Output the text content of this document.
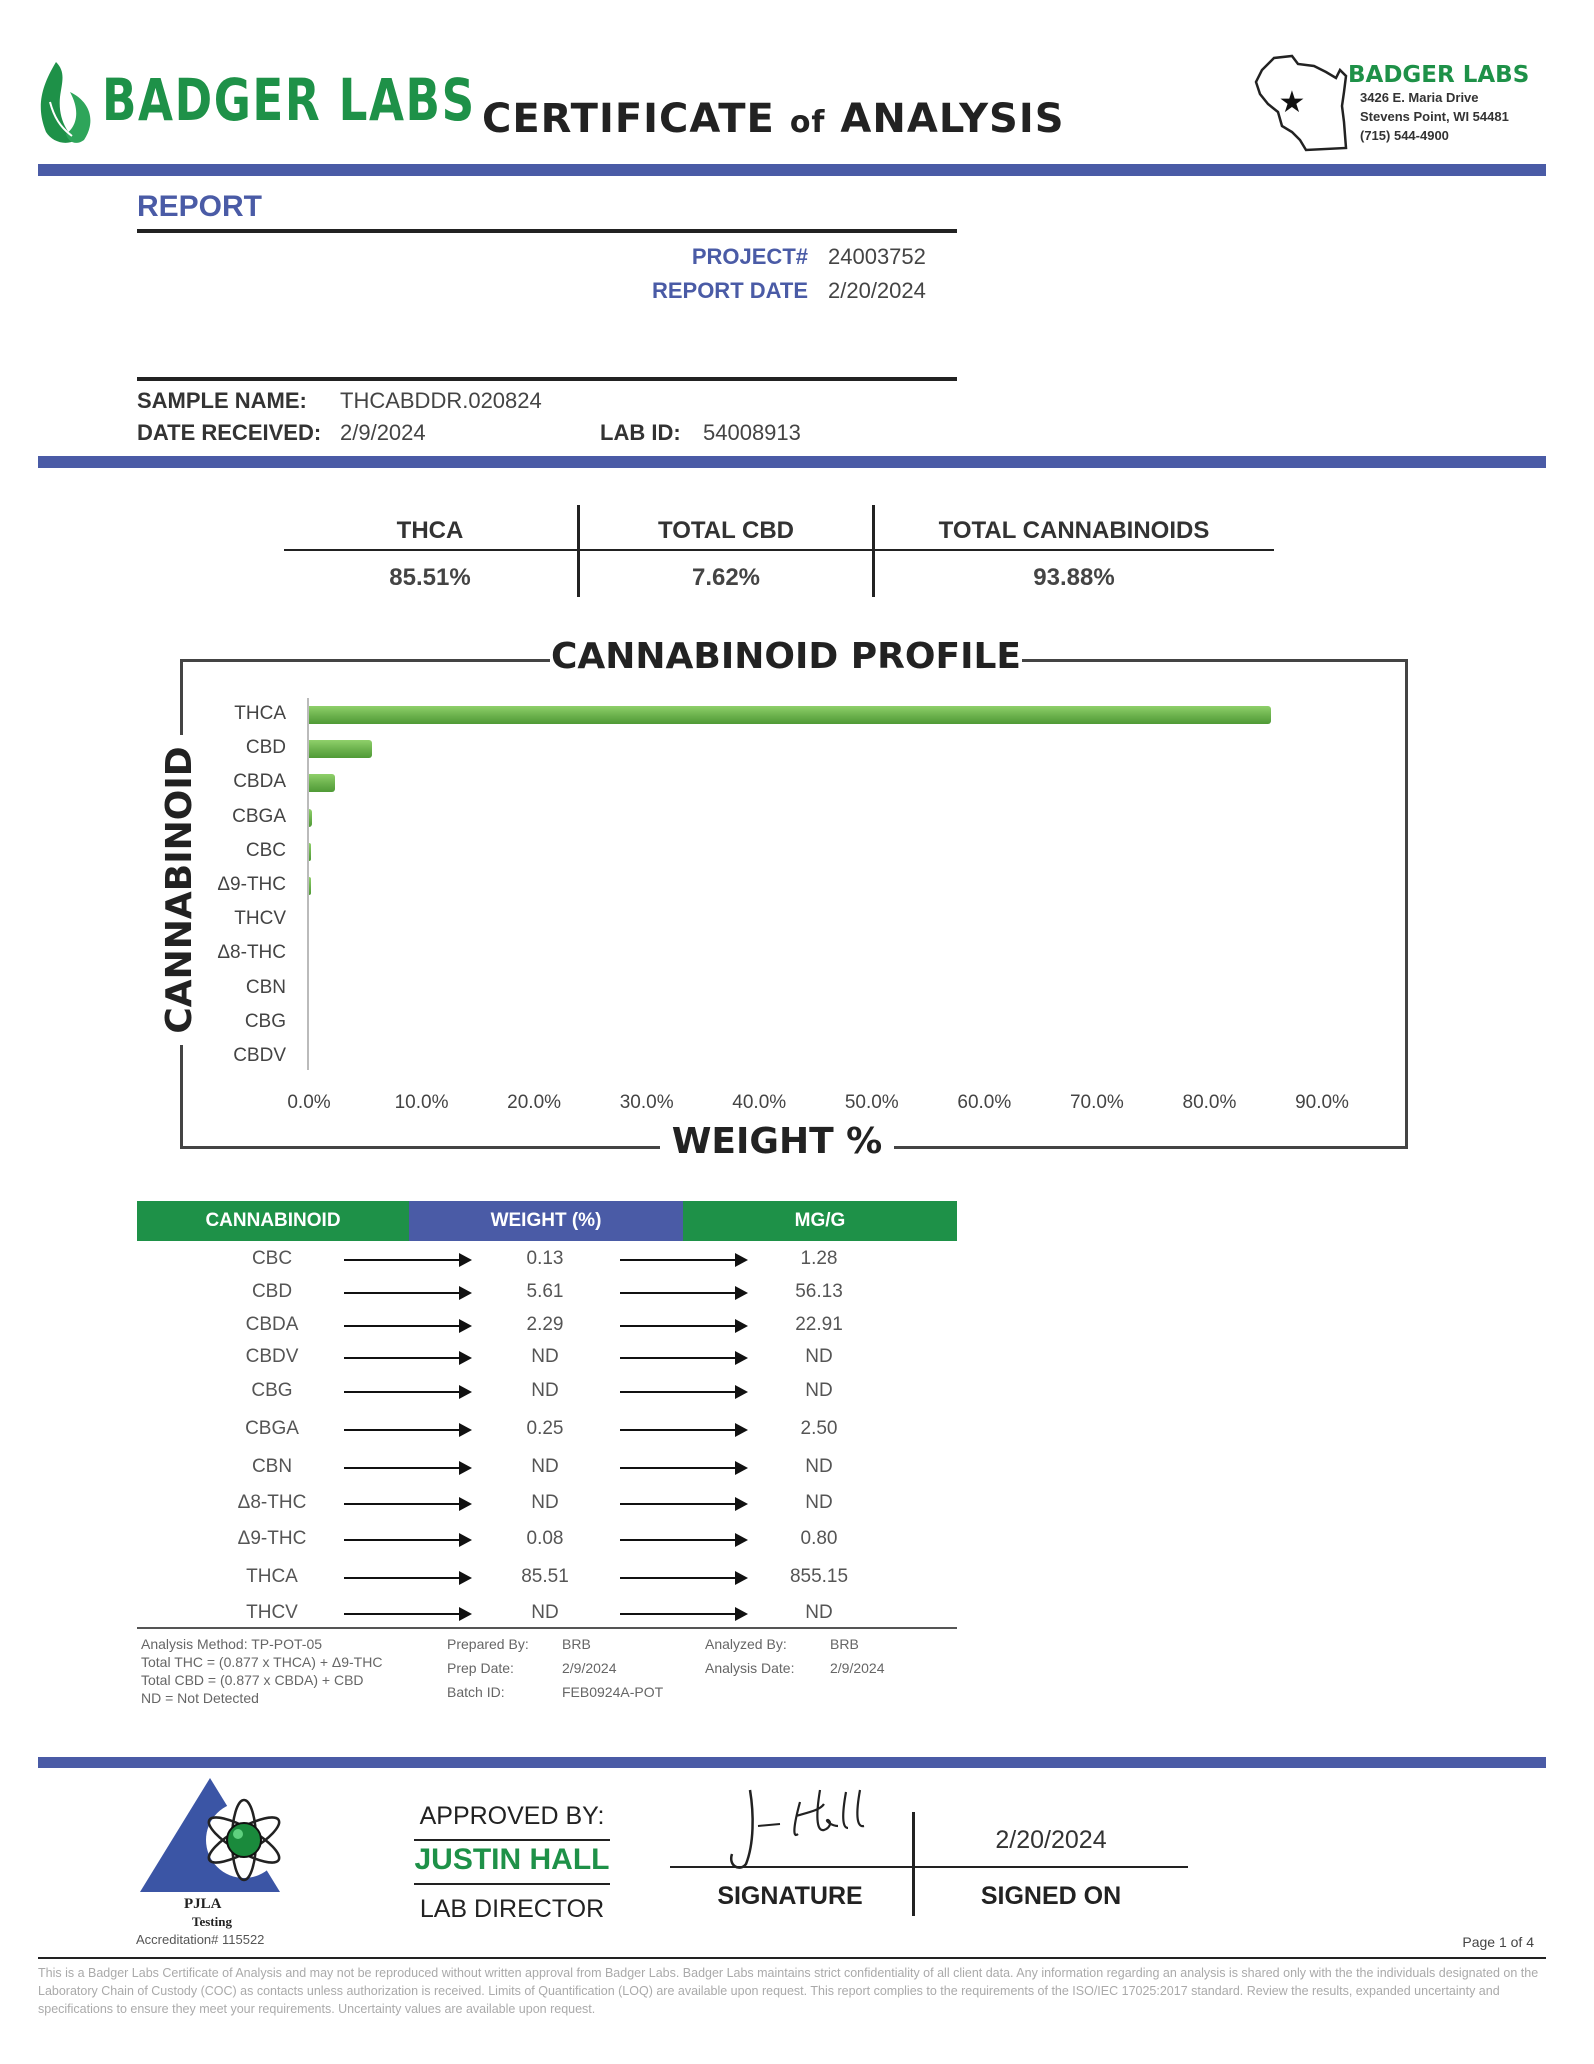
BADGER LABS CERTIFICATE of ANALYSIS	★
BADGER LABS
3426 E. Maria Drive
Stevens Point, WI 54481
(715) 544-4900
REPORT
PROJECT# 24003752
REPORT DATE 2/20/2024
SAMPLE NAME: THCABDDR.020824
DATE RECEIVED: 2/9/2024	LAB ID: 54008913
THCA	TOTAL CBD	TOTAL CANNABINOIDS
85.51%	7.62%	93.88%
CANNABINOID PROFILE
WEIGHT %
CANNABINOID
THCA
CBD
CBDA
CBGA
CBC
Δ9-THC
THCV
Δ8-THC
CBN
CBG
CBDV
0.0%	10.0%	20.0%	30.0%	40.0%	50.0%	60.0%	70.0%	80.0%	90.0%
CANNABINOID	WEIGHT (%)	MG/G
CBC	0.13	1.28
CBD	5.61	56.13
CBDA	2.29	22.91
CBDV	ND	ND
CBG	ND	ND
CBGA	0.25	2.50
CBN	ND	ND
Δ8-THC	ND	ND
Δ9-THC	0.08	0.80
THCA	85.51	855.15
THCV	ND	ND
Analysis Method: TP-POT-05
Total THC = (0.877 x THCA) + Δ9-THC
Total CBD = (0.877 x CBDA) + CBD
ND = Not Detected
Prepared By: BRB
Prep Date:	2/9/2024
Batch ID:	FEB0924A-POT
Analyzed By:	BRB
Analysis Date:	2/9/2024
PJLA
Testing
Accreditation# 115522
APPROVED BY:
JUSTIN HALL
LAB DIRECTOR
2/20/2024
SIGNATURE	SIGNED ON
Page 1 of 4
This is a Badger Labs Certificate of Analysis and may not be reproduced without written approval from Badger Labs. Badger Labs maintains strict confidentiality of all client data. Any information regarding an analysis is shared only with the the individuals designated on the Laboratory Chain of Custody (COC) as contacts unless authorization is received. Limits of Quantification (LOQ) are available upon request. This report complies to the requirements of the ISO/IEC 17025:2017 standard. Review the results, expanded uncertainty and specifications to ensure they meet your requirements. Uncertainty values are available upon request.
